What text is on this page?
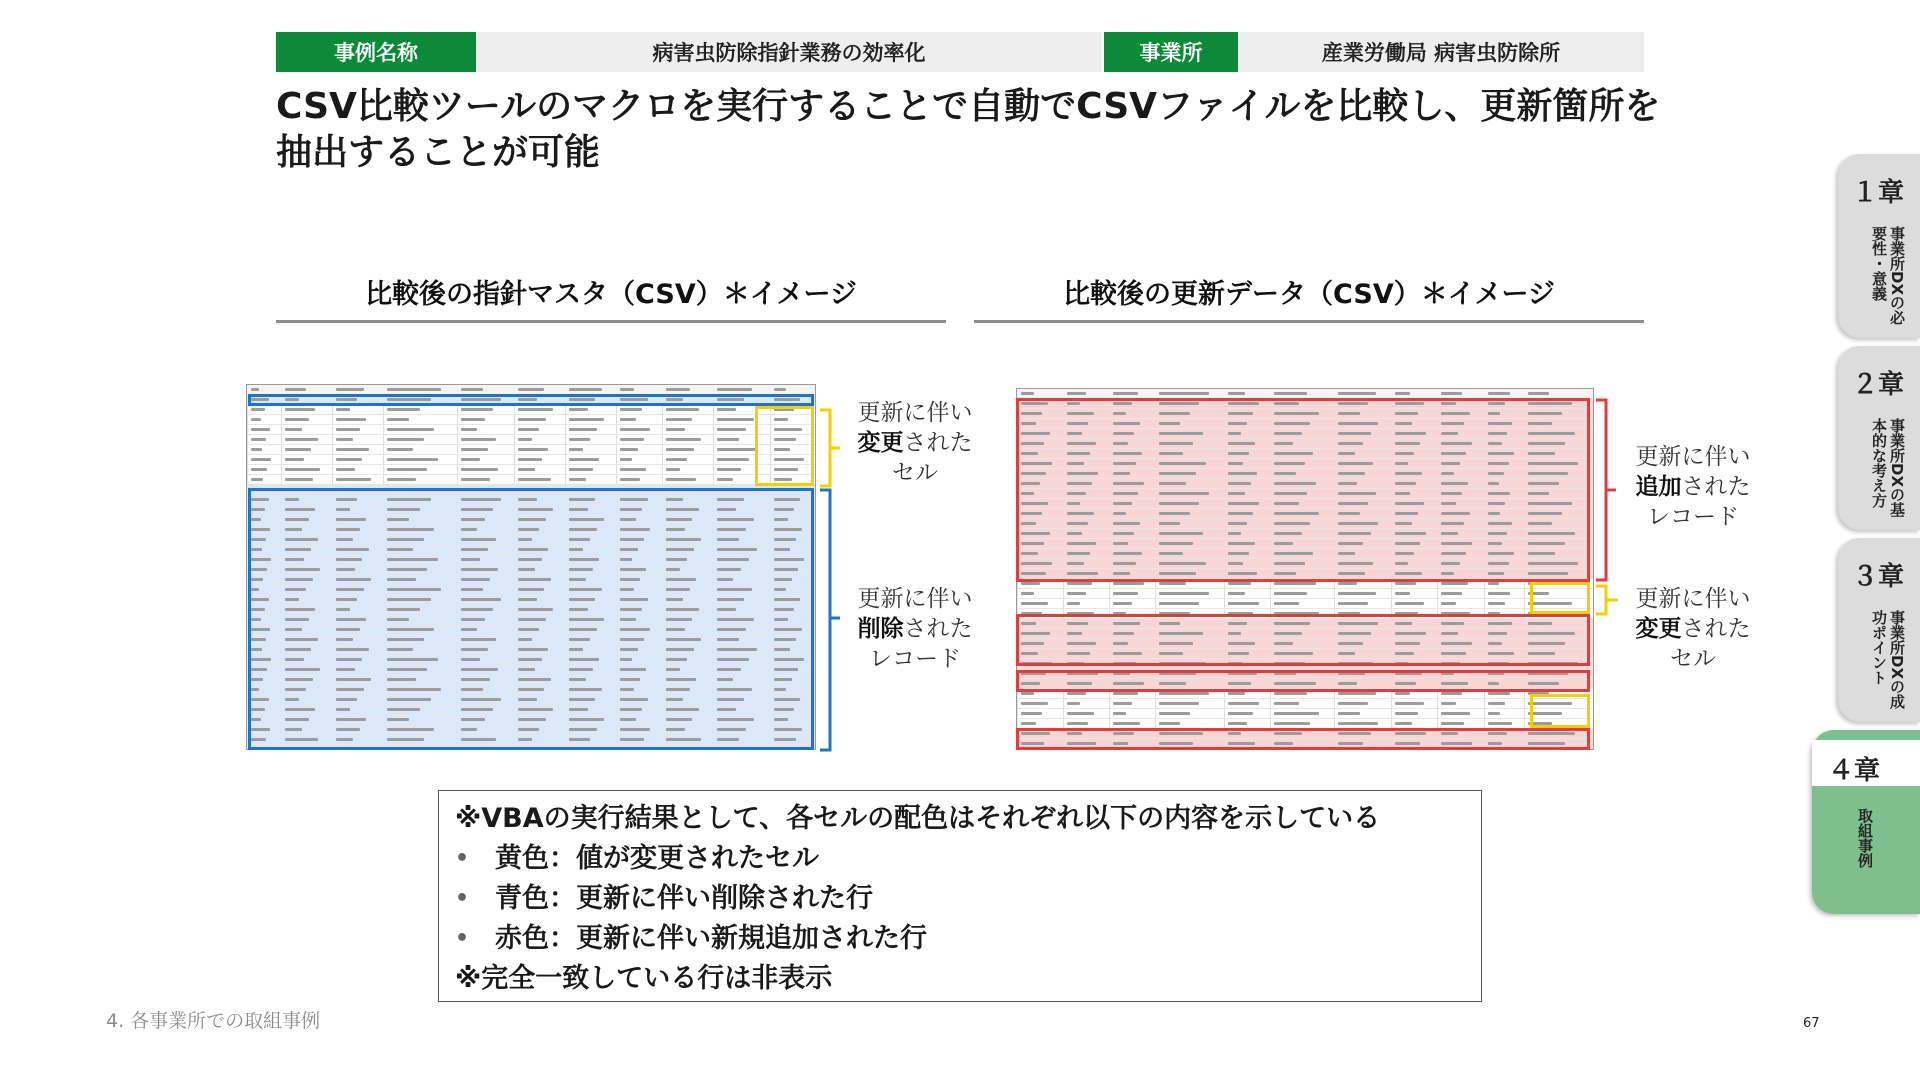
事例名称	病害虫防除指針業務の効率化	事業所	産業労働局 病害虫防除所
CSV比較ツールのマクロを実行することで自動でCSVファイルを比較し、更新箇所を抽出することが可能
比較後の指針マスタ（CSV）＊イメージ	比較後の更新データ（CSV）＊イメージ
更新に伴い
変更された
セル
更新に伴い
削除された
レコード
更新に伴い
追加された
レコード
更新に伴い
変更された
セル
※VBAの実行結果として、各セルの配色はそれぞれ以下の内容を示している
• 黄色：値が変更されたセル
• 青色：更新に伴い削除された行
• 赤色：更新に伴い新規追加された行
※完全一致している行は非表示
4. 各事業所での取組事例	67
１章
事業所DXの必要性・意義
２章
事業所DXの基本的な考え方
３章
事業所DXの成功ポイント
４章
取組事例
